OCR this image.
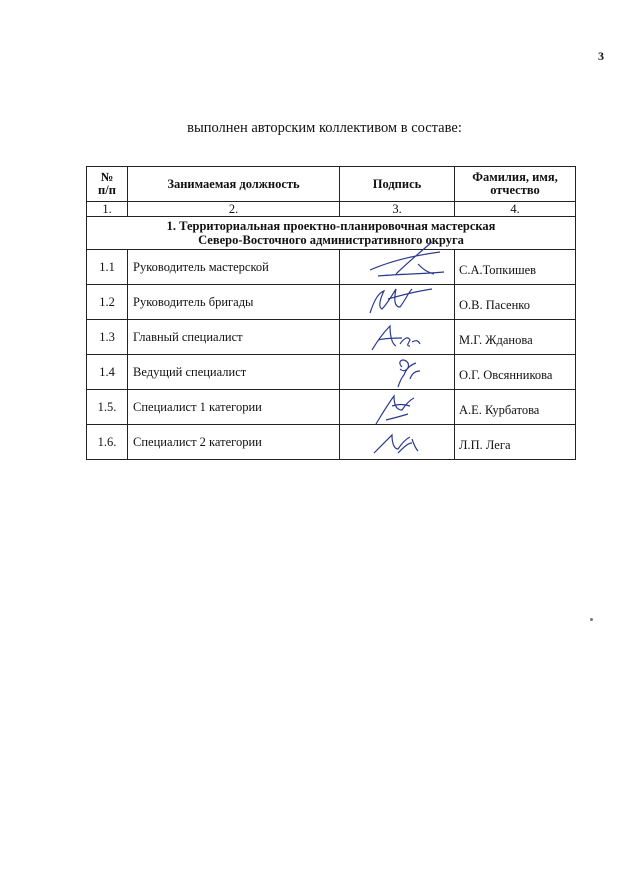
3
выполнен авторским коллективом в составе:
№ п/п	Занимаемая должность	Подпись	Фамилия, имя, отчество
1.	2.	3.	4.

1. Территориальная проектно-планировочная мастерская
Северо-Восточного административного округа			

1.1	Руководитель мастерской		С.А.Топкишев
1.2	Руководитель бригады		О.В. Пасенко
1.3	Главный специалист		М.Г. Жданова
1.4	Ведущий специалист		О.Г. Овсянникова
1.5.	Специалист 1 категории		А.Е. Курбатова
1.6.	Специалист 2 категории		Л.П. Лега
